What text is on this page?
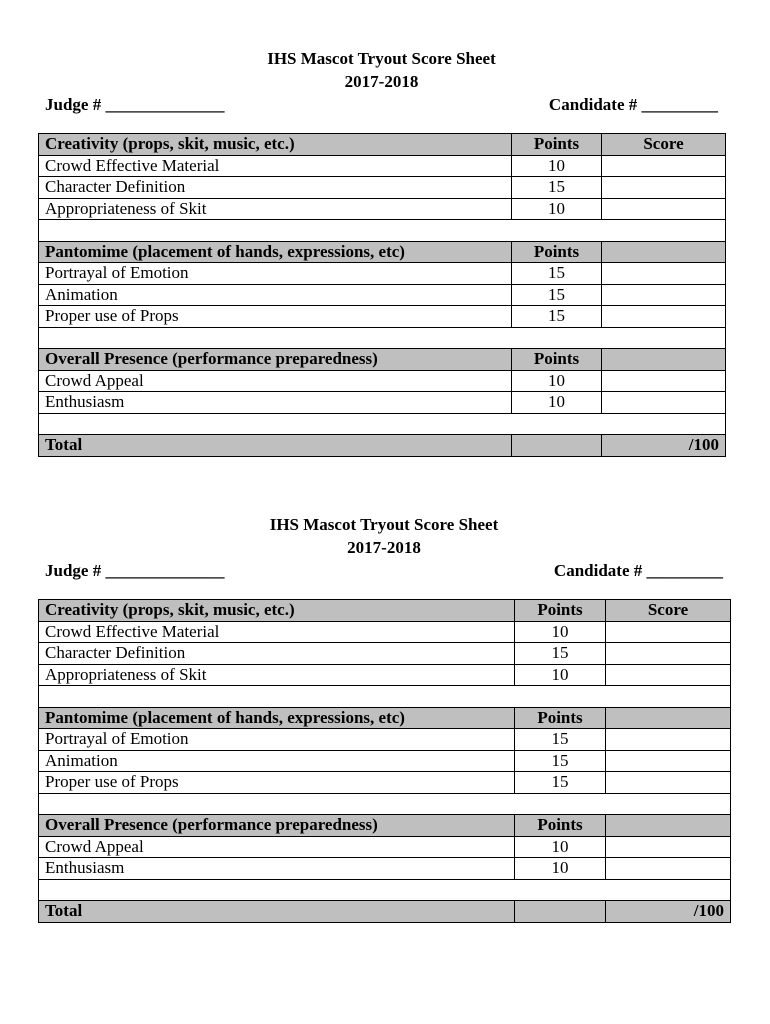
IHS Mascot Tryout Score Sheet
2017-2018
Judge # ______________	Candidate # _________
Creativity (props, skit, music, etc.)	Points	Score
Crowd Effective Material	10	
Character Definition	15	
Appropriateness of Skit	10	

Pantomime (placement of hands, expressions, etc)	Points	
Portrayal of Emotion	15	
Animation	15	
Proper use of Props	15	

Overall Presence (performance preparedness)	Points	
Crowd Appeal	10	
Enthusiasm	10	

Total		/100
IHS Mascot Tryout Score Sheet
2017-2018
Judge # ______________	Candidate # _________
Creativity (props, skit, music, etc.)	Points	Score
Crowd Effective Material	10	
Character Definition	15	
Appropriateness of Skit	10	

Pantomime (placement of hands, expressions, etc)	Points	
Portrayal of Emotion	15	
Animation	15	
Proper use of Props	15	

Overall Presence (performance preparedness)	Points	
Crowd Appeal	10	
Enthusiasm	10	

Total		/100
